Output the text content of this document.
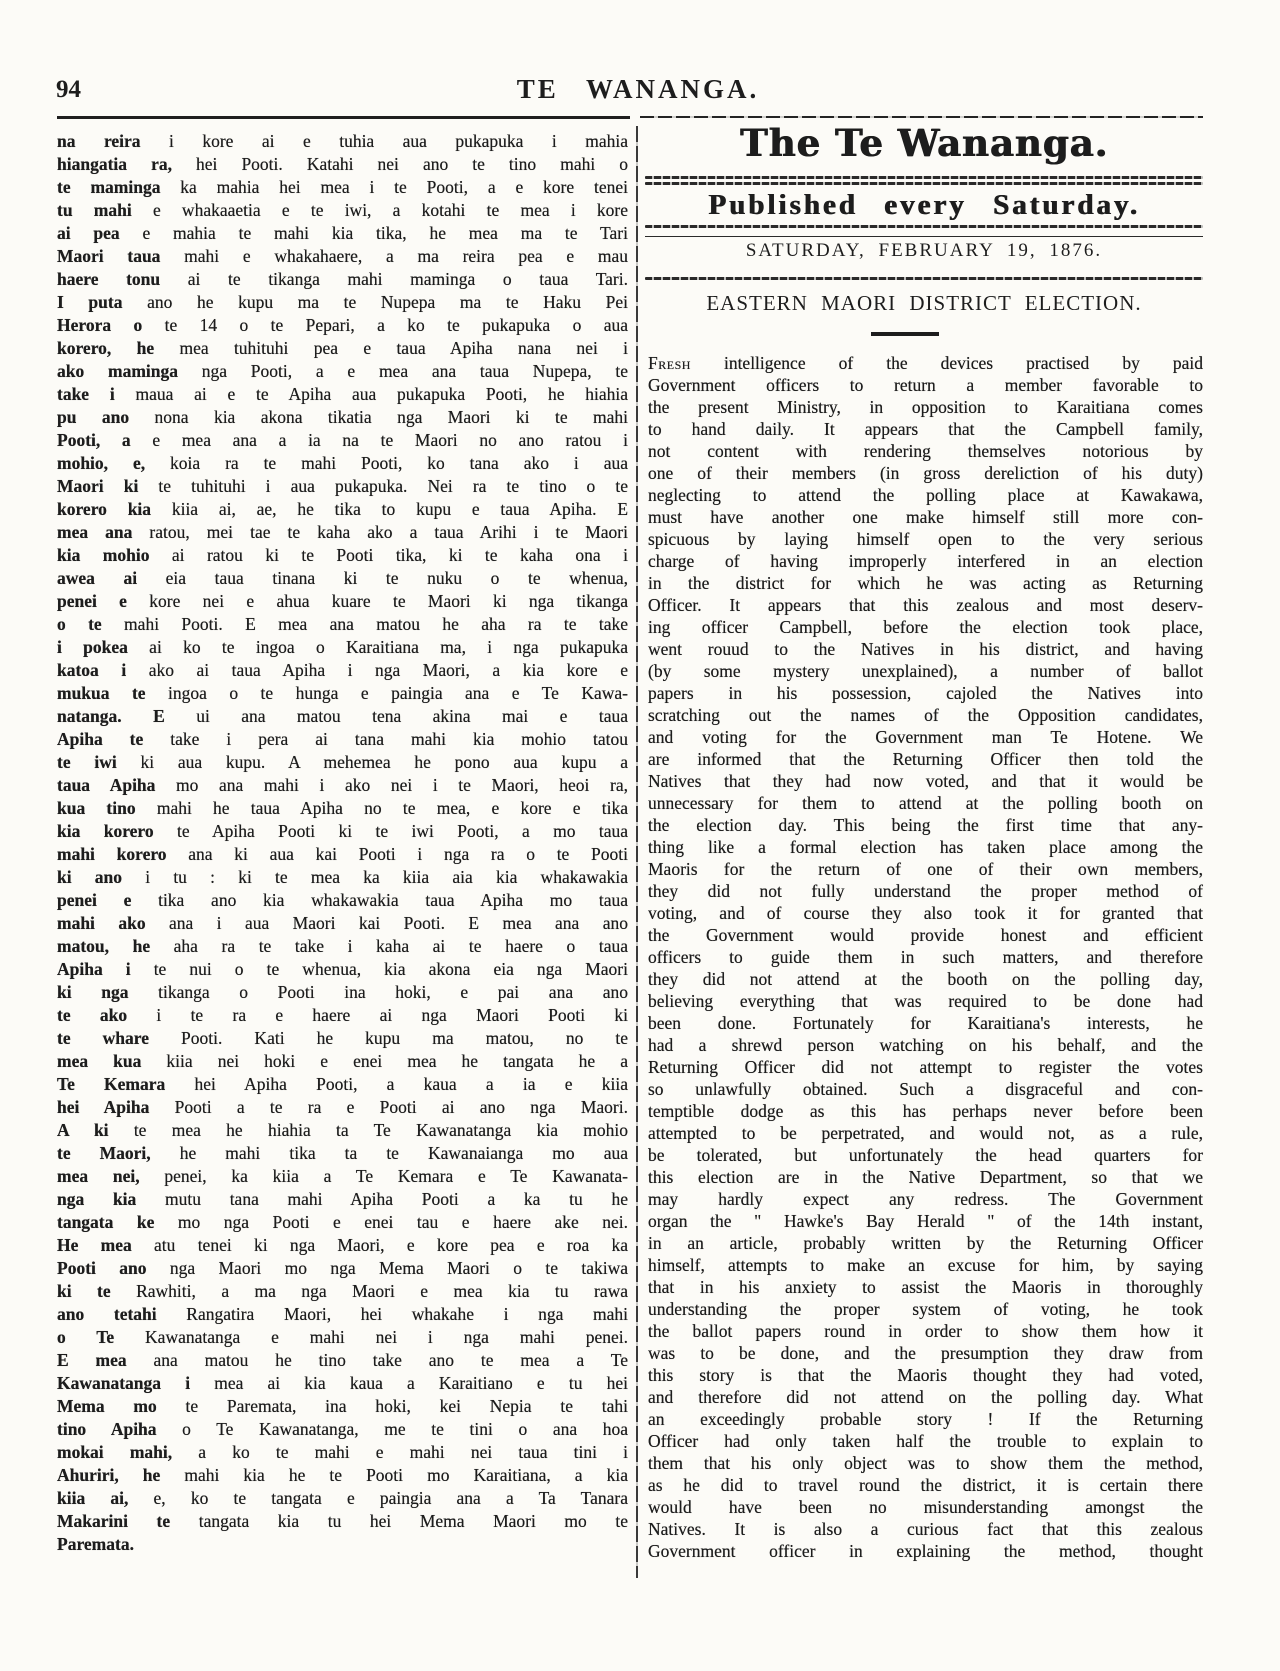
94	TE WANANGA.
na reira i kore ai e tuhia aua pukapuka i mahia
hiangatia ra, hei Pooti. Katahi nei ano te tino mahi o
te maminga ka mahia hei mea i te Pooti, a e kore tenei
tu mahi e whakaaetia e te iwi, a kotahi te mea i kore
ai pea e mahia te mahi kia tika, he mea ma te Tari
Maori taua mahi e whakahaere, a ma reira pea e mau
haere tonu ai te tikanga mahi maminga o taua Tari.
I puta ano he kupu ma te Nupepa ma te Haku Pei
Herora o te 14 o te Pepari, a ko te pukapuka o aua
korero, he mea tuhituhi pea e taua Apiha nana nei i
ako maminga nga Pooti, a e mea ana taua Nupepa, te
take i maua ai e te Apiha aua pukapuka Pooti, he hiahia
pu ano nona kia akona tikatia nga Maori ki te mahi
Pooti, a e mea ana a ia na te Maori no ano ratou i
mohio, e, koia ra te mahi Pooti, ko tana ako i aua
Maori ki te tuhituhi i aua pukapuka. Nei ra te tino o te
korero kia kiia ai, ae, he tika to kupu e taua Apiha. E
mea ana ratou, mei tae te kaha ako a taua Arihi i te Maori
kia mohio ai ratou ki te Pooti tika, ki te kaha ona i
awea ai eia taua tinana ki te nuku o te whenua,
penei e kore nei e ahua kuare te Maori ki nga tikanga
o te mahi Pooti. E mea ana matou he aha ra te take
i pokea ai ko te ingoa o Karaitiana ma, i nga pukapuka
katoa i ako ai taua Apiha i nga Maori, a kia kore e
mukua te ingoa o te hunga e paingia ana e Te Kawa-
natanga. E ui ana matou tena akina mai e taua
Apiha te take i pera ai tana mahi kia mohio tatou
te iwi ki aua kupu. A mehemea he pono aua kupu a
taua Apiha mo ana mahi i ako nei i te Maori, heoi ra,
kua tino mahi he taua Apiha no te mea, e kore e tika
kia korero te Apiha Pooti ki te iwi Pooti, a mo taua
mahi korero ana ki aua kai Pooti i nga ra o te Pooti
ki ano i tu : ki te mea ka kiia aia kia whakawakia
penei e tika ano kia whakawakia taua Apiha mo taua
mahi ako ana i aua Maori kai Pooti. E mea ana ano
matou, he aha ra te take i kaha ai te haere o taua
Apiha i te nui o te whenua, kia akona eia nga Maori
ki nga tikanga o Pooti ina hoki, e pai ana ano
te ako i te ra e haere ai nga Maori Pooti ki
te whare Pooti. Kati he kupu ma matou, no te
mea kua kiia nei hoki e enei mea he tangata he a
Te Kemara hei Apiha Pooti, a kaua a ia e kiia
hei Apiha Pooti a te ra e Pooti ai ano nga Maori.
A ki te mea he hiahia ta Te Kawanatanga kia mohio
te Maori, he mahi tika ta te Kawanaianga mo aua
mea nei, penei, ka kiia a Te Kemara e Te Kawanata-
nga kia mutu tana mahi Apiha Pooti a ka tu he
tangata ke mo nga Pooti e enei tau e haere ake nei.
He mea atu tenei ki nga Maori, e kore pea e roa ka
Pooti ano nga Maori mo nga Mema Maori o te takiwa
ki te Rawhiti, a ma nga Maori e mea kia tu rawa
ano tetahi Rangatira Maori, hei whakahe i nga mahi
o Te Kawanatanga e mahi nei i nga mahi penei.
E mea ana matou he tino take ano te mea a Te
Kawanatanga i mea ai kia kaua a Karaitiano e tu hei
Mema mo te Paremata, ina hoki, kei Nepia te tahi
tino Apiha o Te Kawanatanga, me te tini o ana hoa
mokai mahi, a ko te mahi e mahi nei taua tini i
Ahuriri, he mahi kia he te Pooti mo Karaitiana, a kia
kiia ai, e, ko te tangata e paingia ana a Ta Tanara
Makarini te tangata kia tu hei Mema Maori mo te
Paremata.
The Te Wananga.
Published every Saturday.
SATURDAY, FEBRUARY 19, 1876.
EASTERN MAORI DISTRICT ELECTION.
Fresh intelligence of the devices practised by paid
Government officers to return a member favorable to
the present Ministry, in opposition to Karaitiana comes
to hand daily. It appears that the Campbell family,
not content with rendering themselves notorious by
one of their members (in gross dereliction of his duty)
neglecting to attend the polling place at Kawakawa,
must have another one make himself still more con-
spicuous by laying himself open to the very serious
charge of having improperly interfered in an election
in the district for which he was acting as Returning
Officer. It appears that this zealous and most deserv-
ing officer Campbell, before the election took place,
went rouud to the Natives in his district, and having
(by some mystery unexplained), a number of ballot
papers in his possession, cajoled the Natives into
scratching out the names of the Opposition candidates,
and voting for the Government man Te Hotene. We
are informed that the Returning Officer then told the
Natives that they had now voted, and that it would be
unnecessary for them to attend at the polling booth on
the election day. This being the first time that any-
thing like a formal election has taken place among the
Maoris for the return of one of their own members,
they did not fully understand the proper method of
voting, and of course they also took it for granted that
the Government would provide honest and efficient
officers to guide them in such matters, and therefore
they did not attend at the booth on the polling day,
believing everything that was required to be done had
been done. Fortunately for Karaitiana's interests, he
had a shrewd person watching on his behalf, and the
Returning Officer did not attempt to register the votes
so unlawfully obtained. Such a disgraceful and con-
temptible dodge as this has perhaps never before been
attempted to be perpetrated, and would not, as a rule,
be tolerated, but unfortunately the head quarters for
this election are in the Native Department, so that we
may hardly expect any redress. The Government
organ the " Hawke's Bay Herald " of the 14th instant,
in an article, probably written by the Returning Officer
himself, attempts to make an excuse for him, by saying
that in his anxiety to assist the Maoris in thoroughly
understanding the proper system of voting, he took
the ballot papers round in order to show them how it
was to be done, and the presumption they draw from
this story is that the Maoris thought they had voted,
and therefore did not attend on the polling day. What
an exceedingly probable story ! If the Returning
Officer had only taken half the trouble to explain to
them that his only object was to show them the method,
as he did to travel round the district, it is certain there
would have been no misunderstanding amongst the
Natives. It is also a curious fact that this zealous
Government officer in explaining the method, thought
